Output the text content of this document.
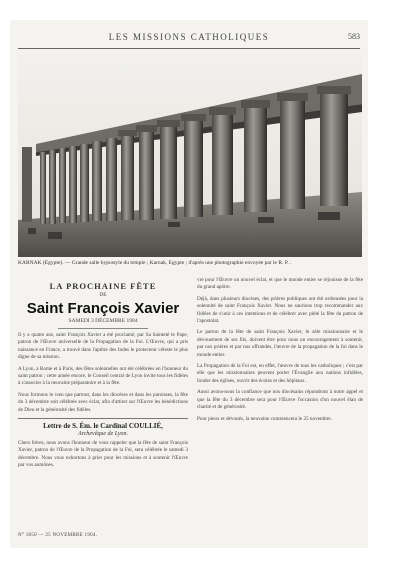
LES MISSIONS CATHOLIQUES	583
KARNAK (Égypte). — Grande salle hypostyle du temple ; Karnak, Égypte ; d'après une photographie envoyée par le R. P. .
LA PROCHAINE FÊTE
DE
Saint François Xavier
SAMEDI 3 DÉCEMBRE 1904

Il y a quatre ans, saint François Xavier a été proclamé, par Sa Sainteté le Pape, patron de l'Œuvre universelle de la Propagation de la Foi. L'Œuvre, qui a pris naissance en France, a trouvé dans l'apôtre des Indes le protecteur céleste le plus digne de sa mission.

A Lyon, à Rome et à Paris, des fêtes solennelles ont été célébrées en l'honneur du saint patron ; cette année encore, le Conseil central de Lyon invite tous les fidèles à s'associer à la neuvaine préparatoire et à la fête.

Nous formons le vœu que partout, dans les diocèses et dans les paroisses, la fête du 3 décembre soit célébrée avec éclat, afin d'attirer sur l'Œuvre les bénédictions de Dieu et la générosité des fidèles.

Lettre de S. Ém. le Cardinal COULLIÉ,
Archevêque de Lyon.

Chers frères, nous avons l'honneur de vous rappeler que la fête de saint François Xavier, patron de l'Œuvre de la Propagation de la Foi, sera célébrée le samedi 3 décembre. Nous vous exhortons à prier pour les missions et à soutenir l'Œuvre par vos aumônes.

vre pour l'Œuvre un nouvel éclat, et que le monde entier se réjouisse de la fête du grand apôtre.

Déjà, dans plusieurs diocèses, des prières publiques ont été ordonnées pour la solennité de saint François Xavier. Nous ne saurions trop recommander aux fidèles de s'unir à ces intentions et de célébrer avec piété la fête du patron de l'apostolat.

Le patron de la fête de saint François Xavier, le zèle missionnaire et le dévouement de ses fils, doivent être pour nous un encouragement à soutenir, par nos prières et par nos offrandes, l'œuvre de la propagation de la foi dans le monde entier.

La Propagation de la Foi est, en effet, l'œuvre de tous les catholiques ; c'est par elle que les missionnaires peuvent porter l'Évangile aux nations infidèles, fonder des églises, ouvrir des écoles et des hôpitaux.

Aussi avons-nous la confiance que nos diocésains répondront à notre appel et que la fête du 3 décembre sera pour l'Œuvre l'occasion d'un nouvel élan de charité et de générosité.

Pour pieux et dévoués, la neuvaine commencera le 25 novembre.

N° 1850 — 25 NOVEMBRE 1904.
